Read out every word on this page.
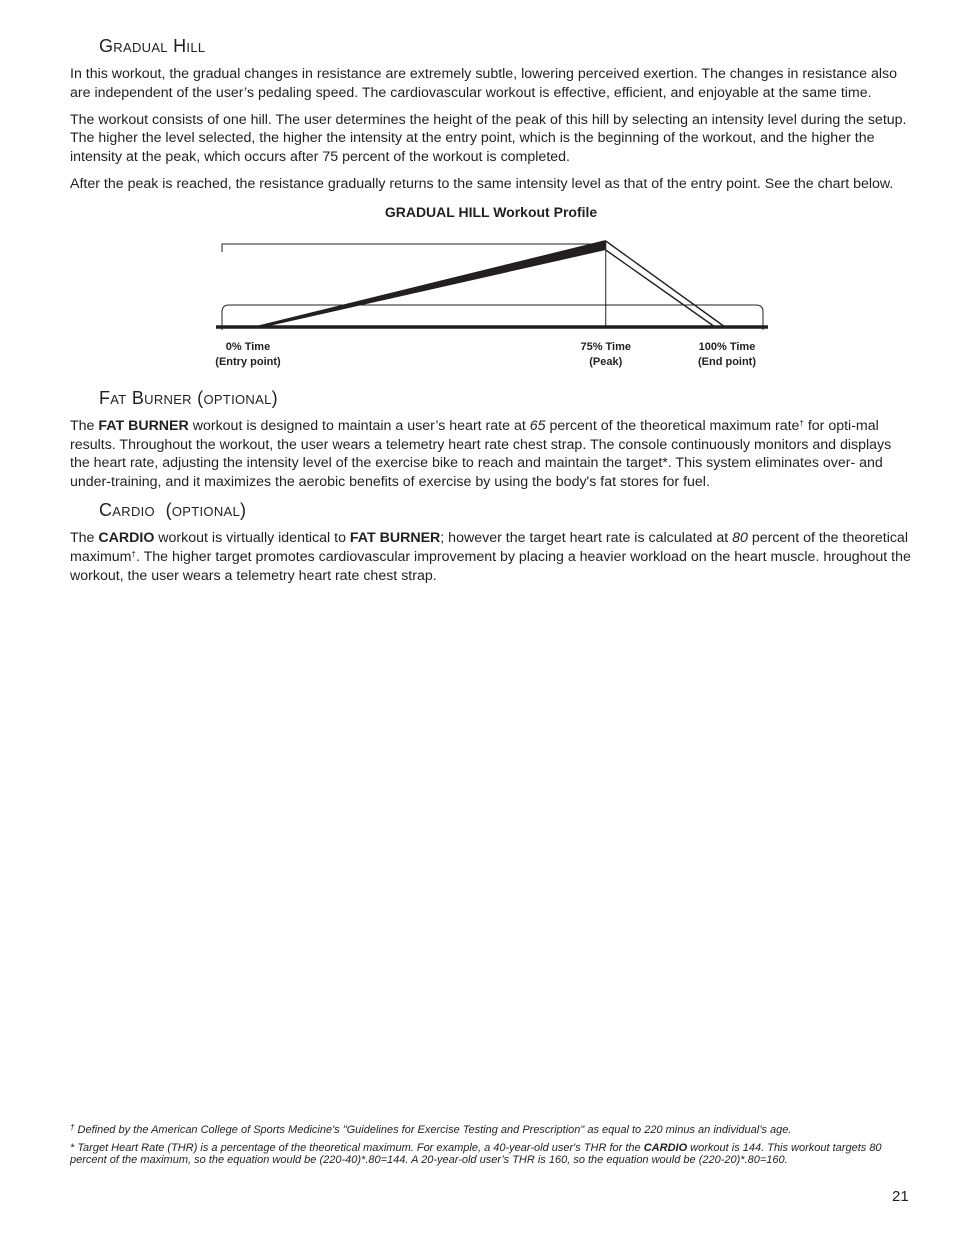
Gradual Hill

In this workout, the gradual changes in resistance are extremely subtle, lowering perceived exertion. The changes in resistance also are independent of the user’s pedaling speed. The cardiovascular workout is effective, efficient, and enjoyable at the same time.

The workout consists of one hill. The user determines the height of the peak of this hill by selecting an intensity level during the setup. The higher the level selected, the higher the intensity at the entry point, which is the beginning of the workout, and the higher the intensity at the peak, which occurs after 75 percent of the workout is completed.

After the peak is reached, the resistance gradually returns to the same intensity level as that of the entry point. See the chart below.

GRADUAL HILL Workout Profile
0% Time
(Entry point)
75% Time
(Peak)
100% Time
(End point)
Fat Burner (optional)

The FAT BURNER workout is designed to maintain a user’s heart rate at 65 percent of the theoretical maximum rate† for opti-mal results. Throughout the workout, the user wears a telemetry heart rate chest strap. The console continuously monitors and displays the heart rate, adjusting the intensity level of the exercise bike to reach and maintain the target*. This system eliminates over- and under-training, and it maximizes the aerobic benefits of exercise by using the body's fat stores for fuel.

Cardio  (optional)

The CARDIO workout is virtually identical to FAT BURNER; however the target heart rate is calculated at 80 percent of the theoretical maximum†. The higher target promotes cardiovascular improvement by placing a heavier workload on the heart muscle. hroughout the workout, the user wears a telemetry heart rate chest strap.

† Defined by the American College of Sports Medicine's "Guidelines for Exercise Testing and Prescription" as equal to 220 minus an individual’s age.

* Target Heart Rate (THR) is a percentage of the theoretical maximum. For example, a 40-year-old user's THR for the CARDIO workout is 144. This workout targets 80 percent of the maximum, so the equation would be (220-40)*.80=144. A 20-year-old user’s THR is 160, so the equation would be (220-20)*.80=160.

21
